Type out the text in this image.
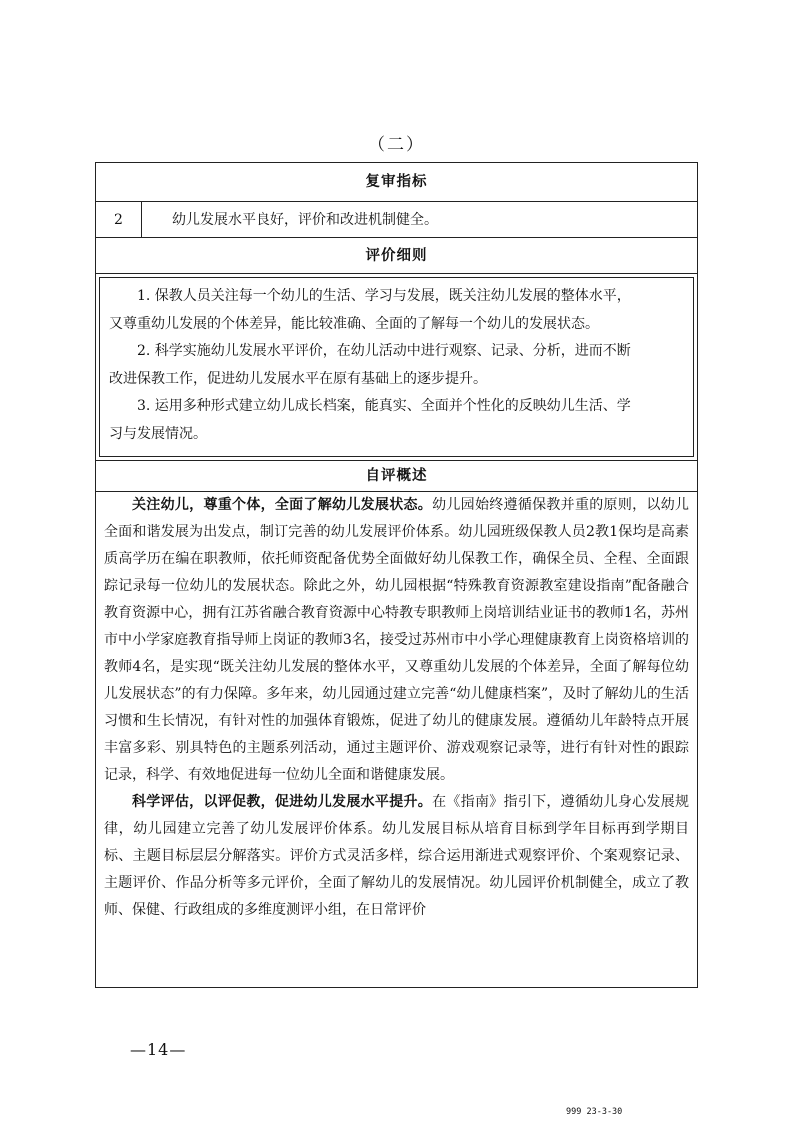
（二）
复审指标
2	幼儿发展水平良好，评价和改进机制健全。
评价细则
1. 保教人员关注每一个幼儿的生活、学习与发展，既关注幼儿发展的整体水平，
又尊重幼儿发展的个体差异，能比较准确、全面的了解每一个幼儿的发展状态。
2. 科学实施幼儿发展水平评价，在幼儿活动中进行观察、记录、分析，进而不断
改进保教工作，促进幼儿发展水平在原有基础上的逐步提升。
3. 运用多种形式建立幼儿成长档案，能真实、全面并个性化的反映幼儿生活、学
习与发展情况。
自评概述

关注幼儿，尊重个体，全面了解幼儿发展状态。幼儿园始终遵循保教并重的原则，以幼儿全面和谐发展为出发点，制订完善的幼儿发展评价体系。幼儿园班级保教人员2教1保均是高素质高学历在编在职教师，依托师资配备优势全面做好幼儿保教工作，确保全员、全程、全面跟踪记录每一位幼儿的发展状态。除此之外，幼儿园根据“特殊教育资源教室建设指南”配备融合教育资源中心，拥有江苏省融合教育资源中心特教专职教师上岗培训结业证书的教师1名，苏州市中小学家庭教育指导师上岗证的教师3名，接受过苏州市中小学心理健康教育上岗资格培训的教师4名，是实现“既关注幼儿发展的整体水平，又尊重幼儿发展的个体差异，全面了解每位幼儿发展状态”的有力保障。多年来，幼儿园通过建立完善“幼儿健康档案”，及时了解幼儿的生活习惯和生长情况，有针对性的加强体育锻炼，促进了幼儿的健康发展。遵循幼儿年龄特点开展丰富多彩、别具特色的主题系列活动，通过主题评价、游戏观察记录等，进行有针对性的跟踪记录，科学、有效地促进每一位幼儿全面和谐健康发展。

科学评估，以评促教，促进幼儿发展水平提升。在《指南》指引下，遵循幼儿身心发展规律，幼儿园建立完善了幼儿发展评价体系。幼儿发展目标从培育目标到学年目标再到学期目标、主题目标层层分解落实。评价方式灵活多样，综合运用渐进式观察评价、个案观察记录、主题评价、作品分析等多元评价，全面了解幼儿的发展情况。幼儿园评价机制健全，成立了教师、保健、行政组成的多维度测评小组，在日常评价

—14—
999 23-3-30
